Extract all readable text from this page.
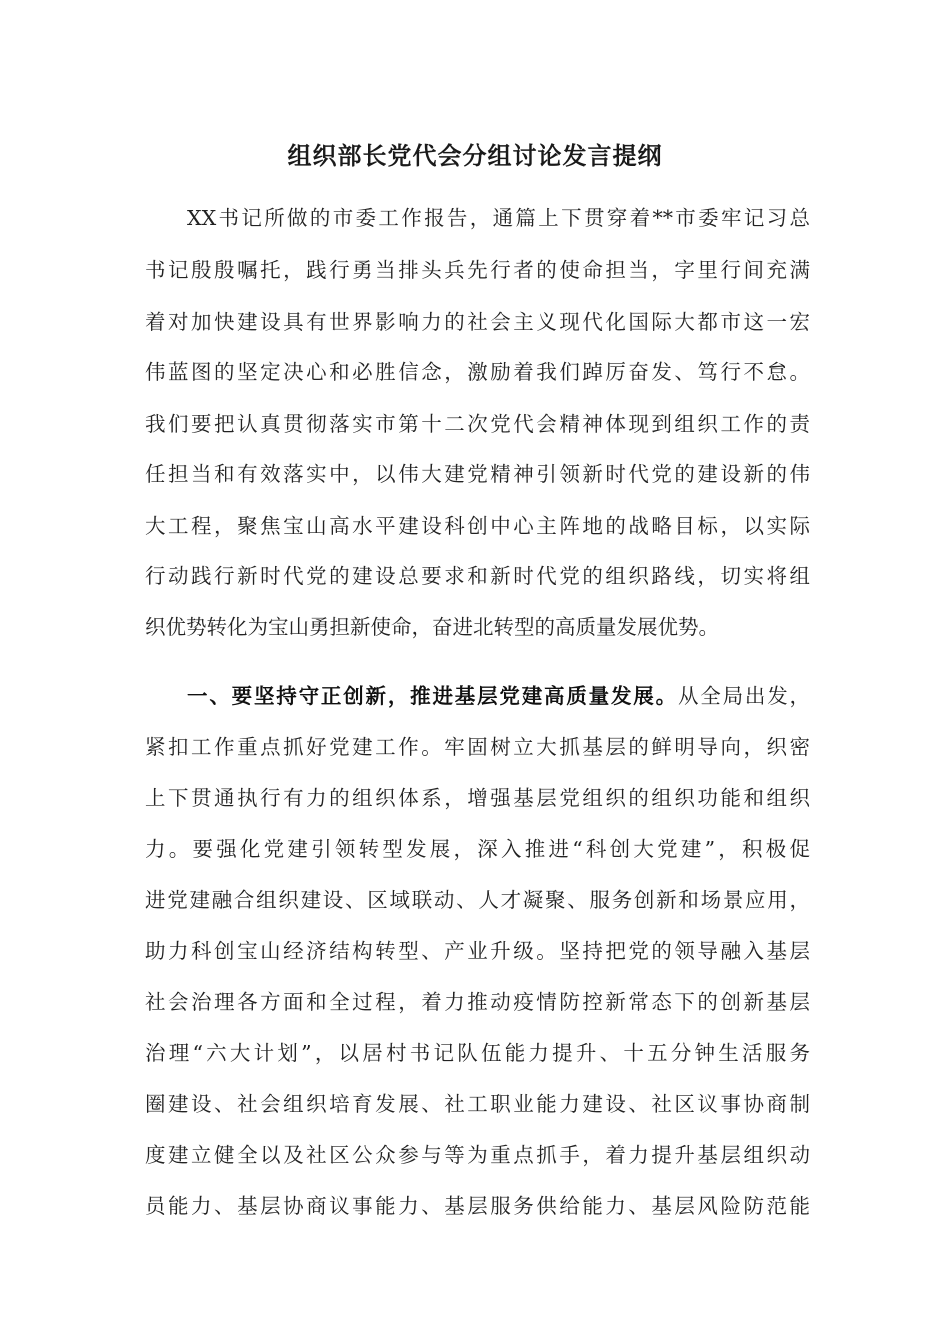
组织部长党代会分组讨论发言提纲
XX书记所做的市委工作报告，通篇上下贯穿着**市委牢记习总
书记殷殷嘱托，践行勇当排头兵先行者的使命担当，字里行间充满
着对加快建设具有世界影响力的社会主义现代化国际大都市这一宏
伟蓝图的坚定决心和必胜信念，激励着我们踔厉奋发、笃行不怠。
我们要把认真贯彻落实市第十二次党代会精神体现到组织工作的责
任担当和有效落实中，以伟大建党精神引领新时代党的建设新的伟
大工程，聚焦宝山高水平建设科创中心主阵地的战略目标，以实际
行动践行新时代党的建设总要求和新时代党的组织路线，切实将组
织优势转化为宝山勇担新使命，奋进北转型的高质量发展优势。
一、要坚持守正创新，推进基层党建高质量发展。从全局出发，
紧扣工作重点抓好党建工作。牢固树立大抓基层的鲜明导向，织密
上下贯通执行有力的组织体系，增强基层党组织的组织功能和组织
力。要强化党建引领转型发展，深入推进“科创大党建”，积极促
进党建融合组织建设、区域联动、人才凝聚、服务创新和场景应用，
助力科创宝山经济结构转型、产业升级。坚持把党的领导融入基层
社会治理各方面和全过程，着力推动疫情防控新常态下的创新基层
治理“六大计划”，以居村书记队伍能力提升、十五分钟生活服务
圈建设、社会组织培育发展、社工职业能力建设、社区议事协商制
度建立健全以及社区公众参与等为重点抓手，着力提升基层组织动
员能力、基层协商议事能力、基层服务供给能力、基层风险防范能
